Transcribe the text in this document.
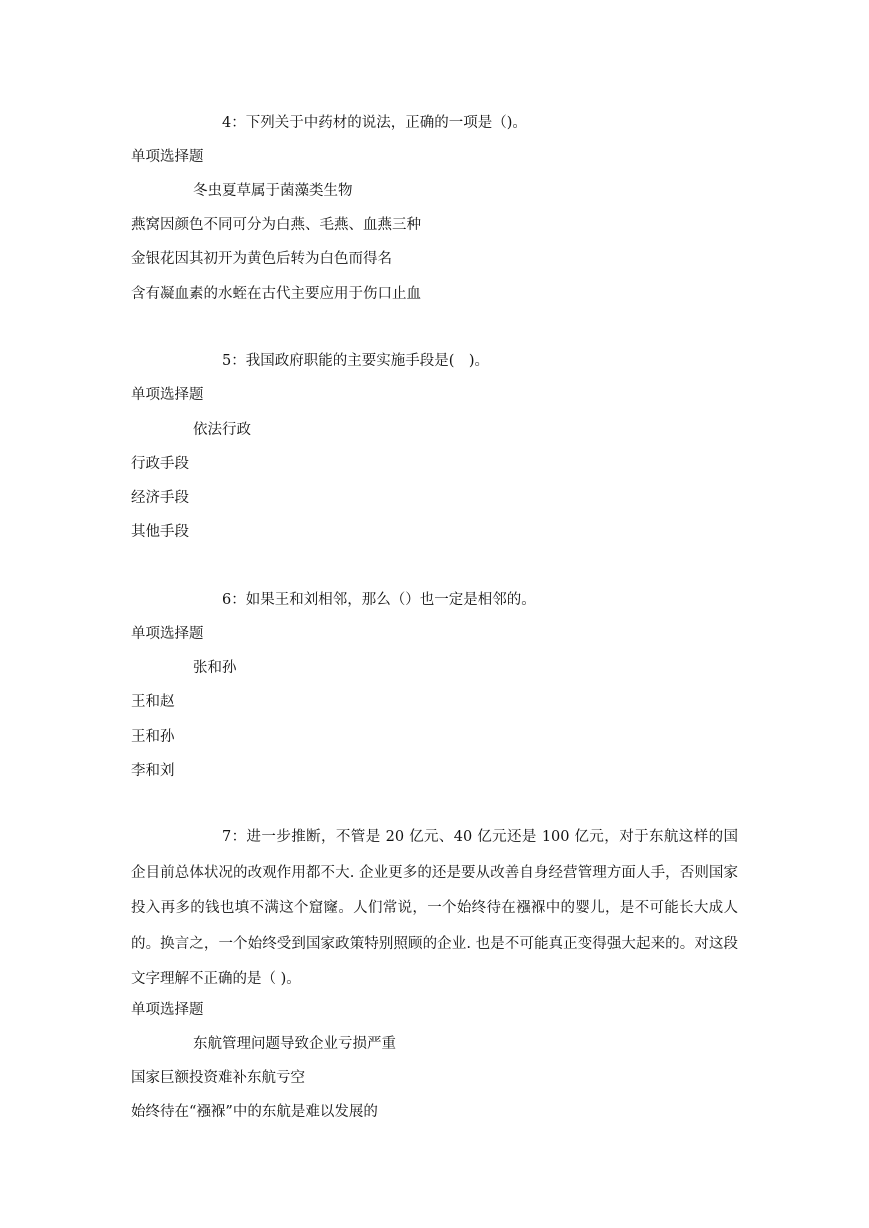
4：下列关于中药材的说法，正确的一项是（)。
单项选择题
冬虫夏草属于菌藻类生物
燕窝因颜色不同可分为白燕、毛燕、血燕三种
金银花因其初开为黄色后转为白色而得名
含有凝血素的水蛭在古代主要应用于伤口止血
5：我国政府职能的主要实施手段是(　)。
单项选择题
依法行政
行政手段
经济手段
其他手段
6：如果王和刘相邻，那么（）也一定是相邻的。
单项选择题
张和孙
王和赵
王和孙
李和刘
7：进一步推断，不管是 20 亿元、40 亿元还是 100 亿元，对于东航这样的国企目前总体状况的改观作用都不大. 企业更多的还是要从改善自身经营管理方面人手，否则国家投入再多的钱也填不满这个窟窿。人们常说，一个始终待在襁褓中的婴儿，是不可能长大成人的。换言之，一个始终受到国家政策特别照顾的企业. 也是不可能真正变得强大起来的。对这段文字理解不正确的是（ )。
单项选择题
东航管理问题导致企业亏损严重
国家巨额投资难补东航亏空
始终待在“襁褓”中的东航是难以发展的
